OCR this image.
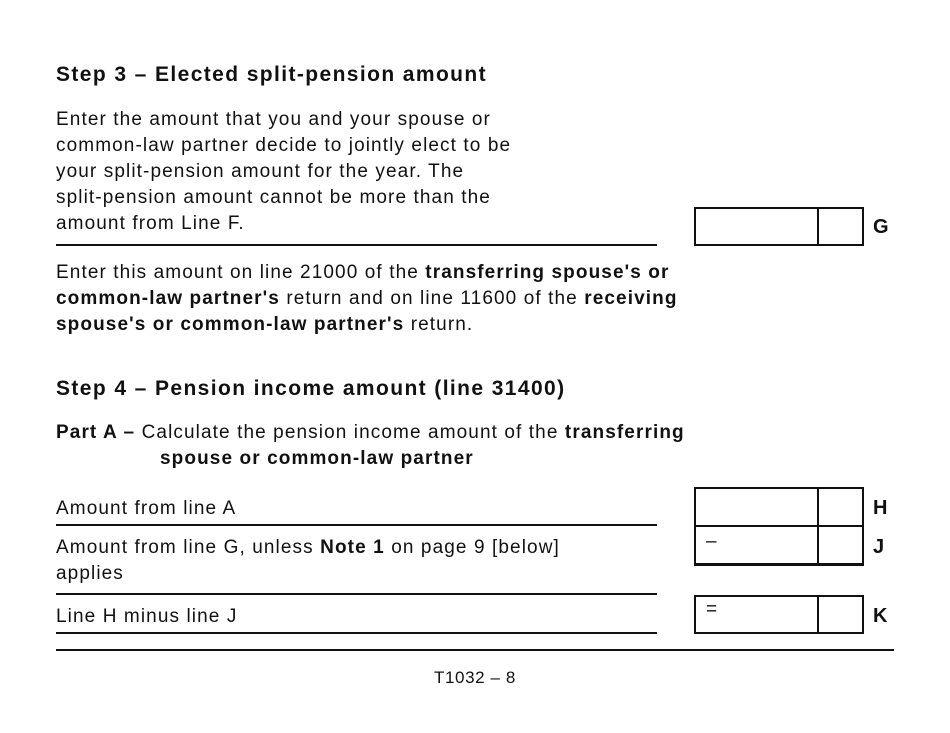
Step 3 – Elected split-pension amount
Enter the amount that you and your spouse or
common-law partner decide to jointly elect to be
your split-pension amount for the year. The
split-pension amount cannot be more than the
amount from Line F.	G
Enter this amount on line 21000 of the transferring spouse's or
common-law partner's return and on line 11600 of the receiving
spouse's or common-law partner's return.
Step 4 – Pension income amount (line 31400)
Part A – Calculate the pension income amount of the transferring
spouse or common-law partner
Amount from line A	H
Amount from line G, unless Note 1 on page 9 [below]
applies
–	J
Line H minus line J	=	K
T1032 – 8
